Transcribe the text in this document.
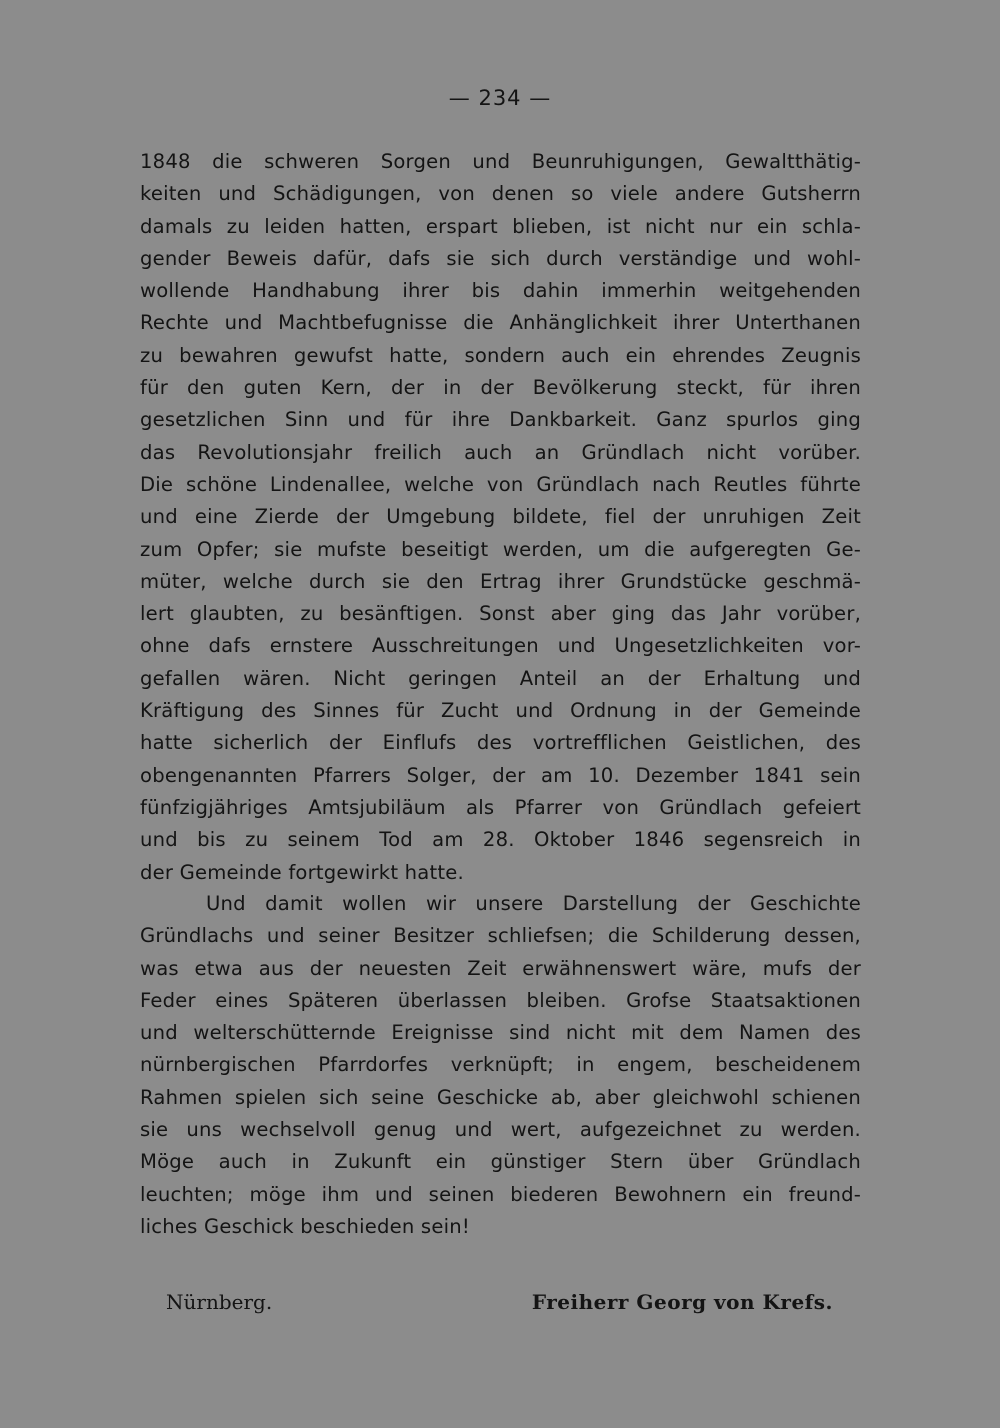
— 234 —
1848 die schweren Sorgen und Beunruhigungen, Gewaltthätig-
keiten und Schädigungen, von denen so viele andere Gutsherrn
damals zu leiden hatten, erspart blieben, ist nicht nur ein schla-
gender Beweis dafür, dafs sie sich durch verständige und wohl-
wollende Handhabung ihrer bis dahin immerhin weitgehenden
Rechte und Machtbefugnisse die Anhänglichkeit ihrer Unterthanen
zu bewahren gewufst hatte, sondern auch ein ehrendes Zeugnis
für den guten Kern, der in der Bevölkerung steckt, für ihren
gesetzlichen Sinn und für ihre Dankbarkeit. Ganz spurlos ging
das Revolutionsjahr freilich auch an Gründlach nicht vorüber.
Die schöne Lindenallee, welche von Gründlach nach Reutles führte
und eine Zierde der Umgebung bildete, fiel der unruhigen Zeit
zum Opfer; sie mufste beseitigt werden, um die aufgeregten Ge-
müter, welche durch sie den Ertrag ihrer Grundstücke geschmä-
lert glaubten, zu besänftigen. Sonst aber ging das Jahr vorüber,
ohne dafs ernstere Ausschreitungen und Ungesetzlichkeiten vor-
gefallen wären. Nicht geringen Anteil an der Erhaltung und
Kräftigung des Sinnes für Zucht und Ordnung in der Gemeinde
hatte sicherlich der Einflufs des vortrefflichen Geistlichen, des
obengenannten Pfarrers Solger, der am 10. Dezember 1841 sein
fünfzigjähriges Amtsjubiläum als Pfarrer von Gründlach gefeiert
und bis zu seinem Tod am 28. Oktober 1846 segensreich in
der Gemeinde fortgewirkt hatte.
Und damit wollen wir unsere Darstellung der Geschichte
Gründlachs und seiner Besitzer schliefsen; die Schilderung dessen,
was etwa aus der neuesten Zeit erwähnenswert wäre, mufs der
Feder eines Späteren überlassen bleiben. Grofse Staatsaktionen
und welterschütternde Ereignisse sind nicht mit dem Namen des
nürnbergischen Pfarrdorfes verknüpft; in engem, bescheidenem
Rahmen spielen sich seine Geschicke ab, aber gleichwohl schienen
sie uns wechselvoll genug und wert, aufgezeichnet zu werden.
Möge auch in Zukunft ein günstiger Stern über Gründlach
leuchten; möge ihm und seinen biederen Bewohnern ein freund-
liches Geschick beschieden sein!
Nürnberg.	Freiherr Georg von Krefs.
